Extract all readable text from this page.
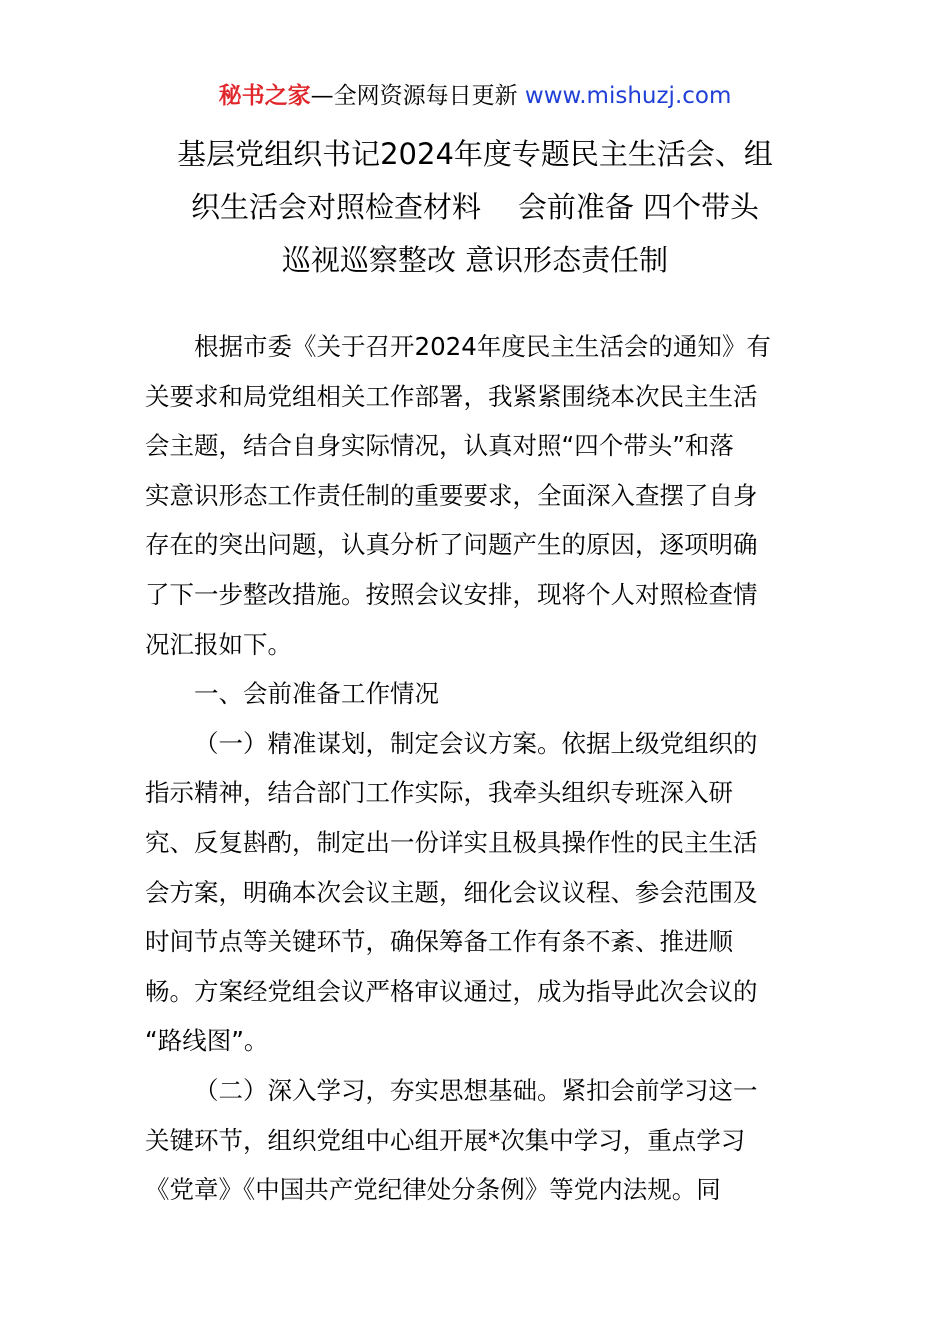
秘书之家—全网资源每日更新 www.mishuzj.com
基层党组织书记2024年度专题民主生活会、组
织生活会对照检查材料    会前准备 四个带头
巡视巡察整改 意识形态责任制

根据市委《关于召开2024年度民主生活会的通知》有
关要求和局党组相关工作部署，我紧紧围绕本次民主生活
会主题，结合自身实际情况，认真对照“四个带头”和落
实意识形态工作责任制的重要要求，全面深入查摆了自身
存在的突出问题，认真分析了问题产生的原因，逐项明确
了下一步整改措施。按照会议安排，现将个人对照检查情
况汇报如下。

一、会前准备工作情况

（一）精准谋划，制定会议方案。依据上级党组织的
指示精神，结合部门工作实际，我牵头组织专班深入研
究、反复斟酌，制定出一份详实且极具操作性的民主生活
会方案，明确本次会议主题，细化会议议程、参会范围及
时间节点等关键环节，确保筹备工作有条不紊、推进顺
畅。方案经党组会议严格审议通过，成为指导此次会议的
“路线图”。

（二）深入学习，夯实思想基础。紧扣会前学习这一
关键环节，组织党组中心组开展*次集中学习，重点学习
《党章》《中国共产党纪律处分条例》等党内法规。同
